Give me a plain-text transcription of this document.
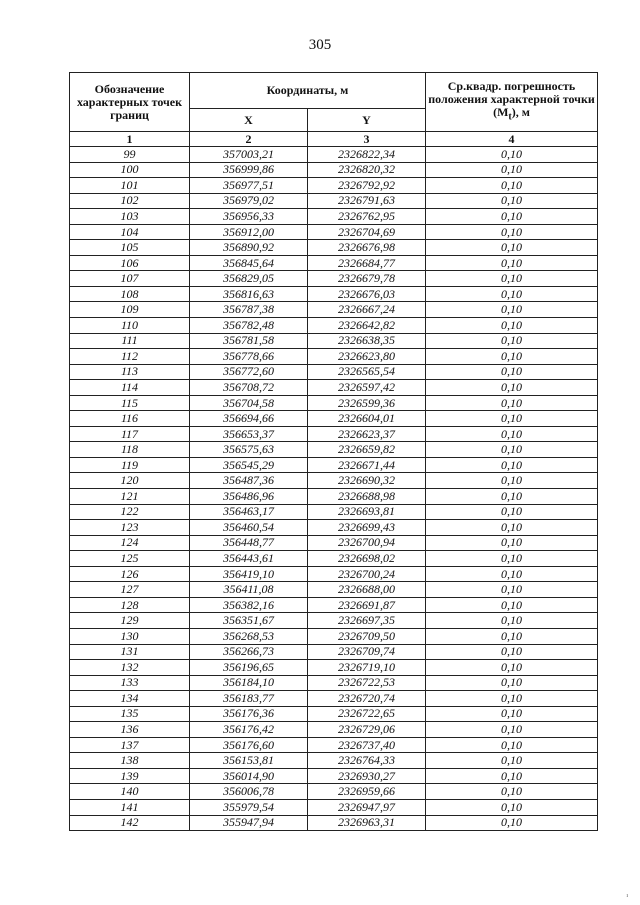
305
Обозначение характерных точек границ	Координаты, м		Ср.квадр. погрешность положения характерной точки $(M_t)$, м
	X	Y	
1	2	3	4
99	357003,21	2326822,34	0,10
100	356999,86	2326820,32	0,10
101	356977,51	2326792,92	0,10
102	356979,02	2326791,63	0,10
103	356956,33	2326762,95	0,10
104	356912,00	2326704,69	0,10
105	356890,92	2326676,98	0,10
106	356845,64	2326684,77	0,10
107	356829,05	2326679,78	0,10
108	356816,63	2326676,03	0,10
109	356787,38	2326667,24	0,10
110	356782,48	2326642,82	0,10
111	356781,58	2326638,35	0,10
112	356778,66	2326623,80	0,10
113	356772,60	2326565,54	0,10
114	356708,72	2326597,42	0,10
115	356704,58	2326599,36	0,10
116	356694,66	2326604,01	0,10
117	356653,37	2326623,37	0,10
118	356575,63	2326659,82	0,10
119	356545,29	2326671,44	0,10
120	356487,36	2326690,32	0,10
121	356486,96	2326688,98	0,10
122	356463,17	2326693,81	0,10
123	356460,54	2326699,43	0,10
124	356448,77	2326700,94	0,10
125	356443,61	2326698,02	0,10
126	356419,10	2326700,24	0,10
127	356411,08	2326688,00	0,10
128	356382,16	2326691,87	0,10
129	356351,67	2326697,35	0,10
130	356268,53	2326709,50	0,10
131	356266,73	2326709,74	0,10
132	356196,65	2326719,10	0,10
133	356184,10	2326722,53	0,10
134	356183,77	2326720,74	0,10
135	356176,36	2326722,65	0,10
136	356176,42	2326729,06	0,10
137	356176,60	2326737,40	0,10
138	356153,81	2326764,33	0,10
139	356014,90	2326930,27	0,10
140	356006,78	2326959,66	0,10
141	355979,54	2326947,97	0,10
142	355947,94	2326963,31	0,10
ı
